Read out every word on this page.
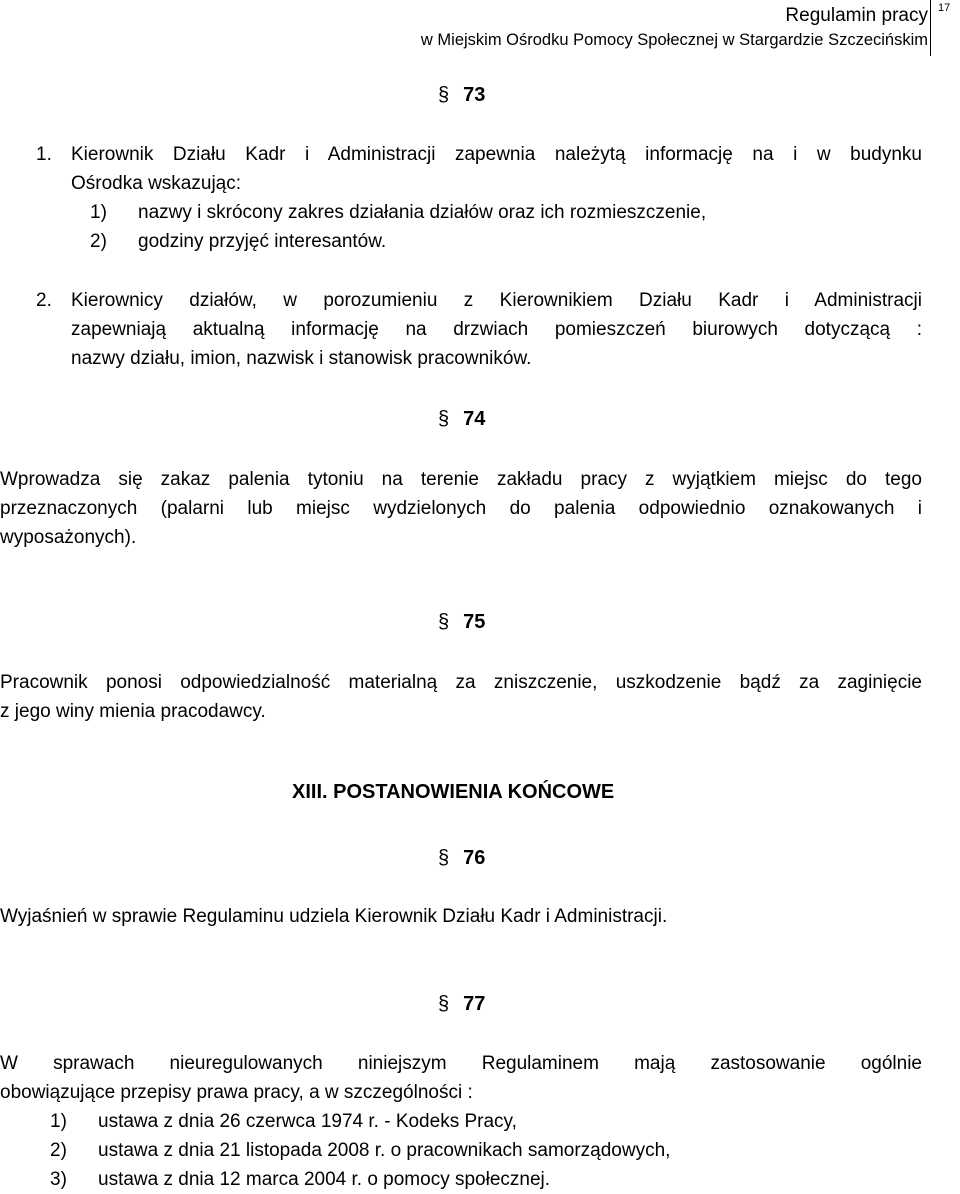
Regulamin pracy
w Miejskim Ośrodku Pomocy Społecznej w Stargardzie Szczecińskim
17
§ 73
1. Kierownik Działu Kadr i Administracji zapewnia należytą informację na i w budynku
Ośrodka wskazując:
1) nazwy i skrócony zakres działania działów oraz ich rozmieszczenie,
2) godziny przyjęć interesantów.
2. Kierownicy działów, w porozumieniu z Kierownikiem Działu Kadr i Administracji
zapewniają aktualną informację na drzwiach pomieszczeń biurowych dotyczącą :
nazwy działu, imion, nazwisk i stanowisk pracowników.
§ 74
Wprowadza się zakaz palenia tytoniu na terenie zakładu pracy z wyjątkiem miejsc do tego
przeznaczonych (palarni lub miejsc wydzielonych do palenia odpowiednio oznakowanych i
wyposażonych).
§ 75
Pracownik ponosi odpowiedzialność materialną za zniszczenie, uszkodzenie bądź za zaginięcie
z jego winy mienia pracodawcy.
XIII. POSTANOWIENIA KOŃCOWE
§ 76
Wyjaśnień w sprawie Regulaminu udziela Kierownik Działu Kadr i Administracji.
§ 77
W sprawach nieuregulowanych niniejszym Regulaminem mają zastosowanie ogólnie
obowiązujące przepisy prawa pracy, a w szczególności :
1) ustawa z dnia 26 czerwca 1974 r. - Kodeks Pracy,
2) ustawa z dnia 21 listopada 2008 r. o pracownikach samorządowych,
3) ustawa z dnia 12 marca 2004 r. o pomocy społecznej.
